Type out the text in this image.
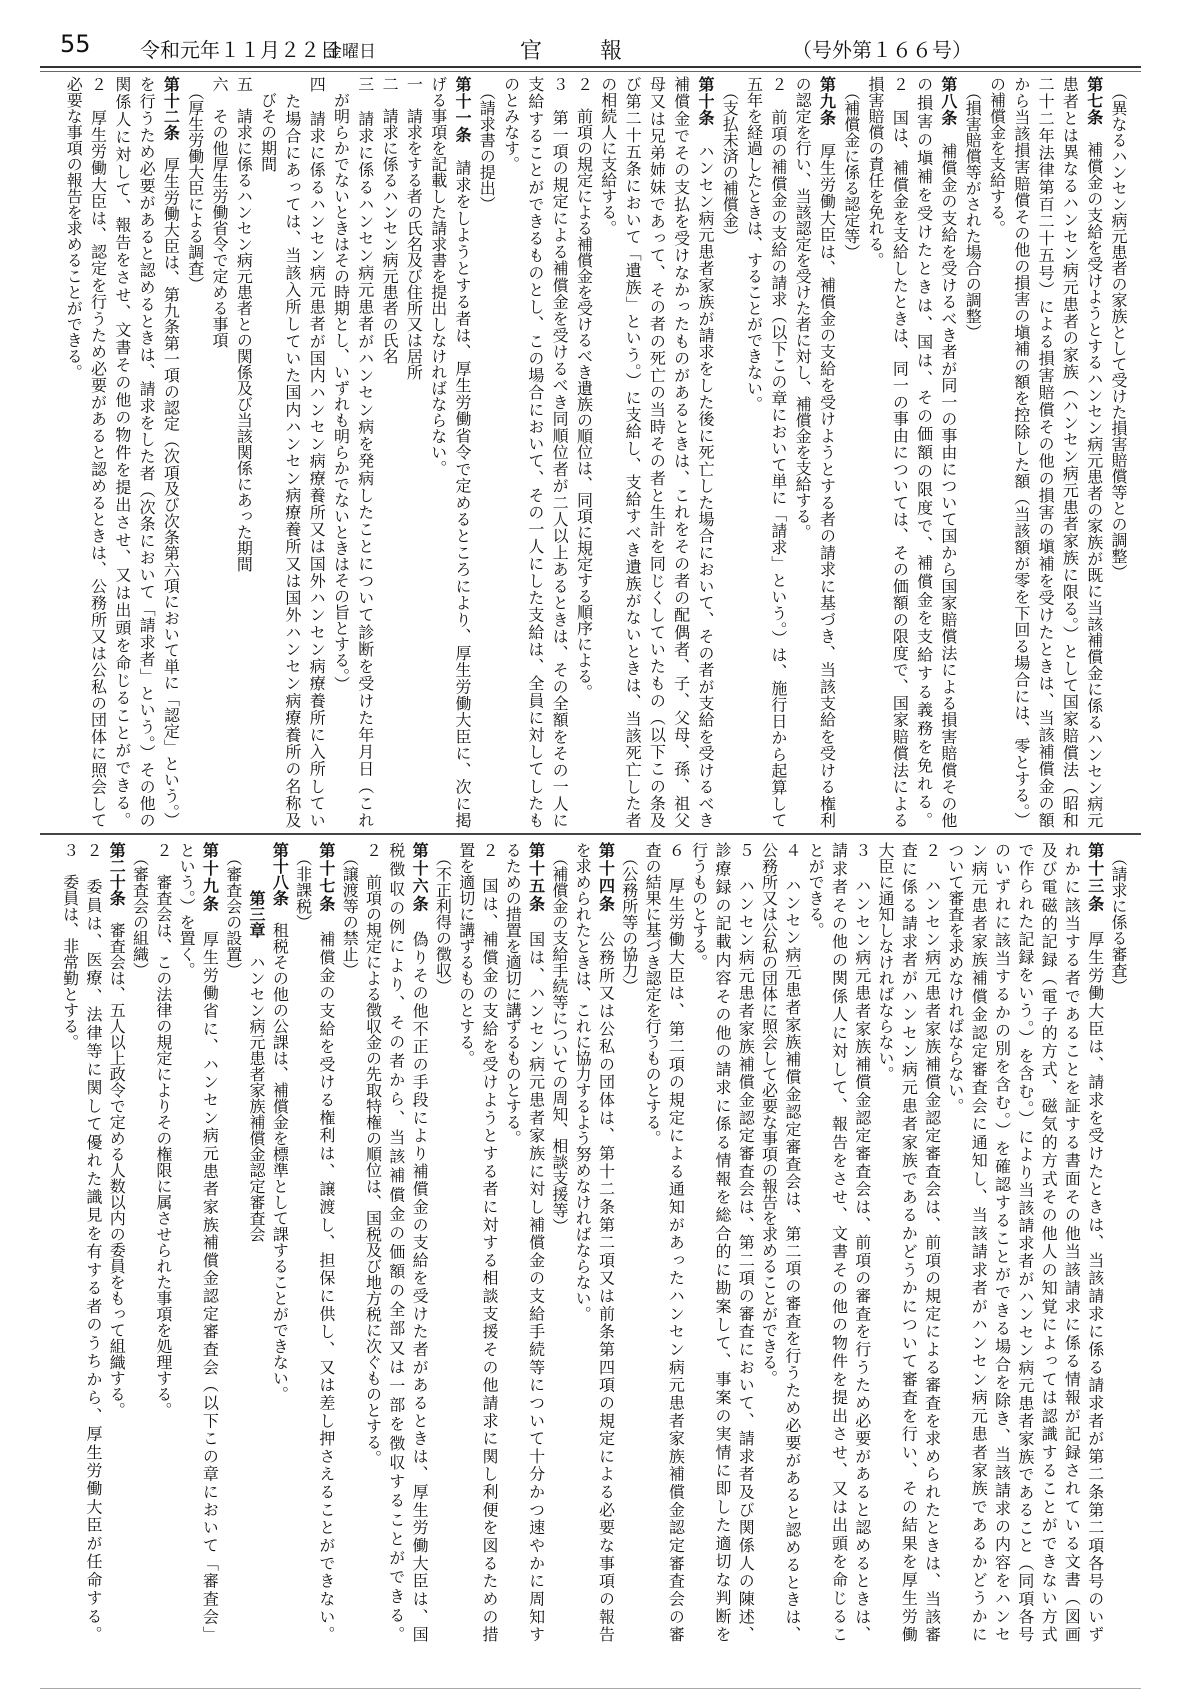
55 令和元年１１月２２日
金曜日	官報	（号外第１６６号）
　（異なるハンセン病元患者の家族として受けた損害賠償等との調整）
第七条　補償金の支給を受けようとするハンセン病元患者の家族が既に当該補償金に係るハンセン病元
患者とは異なるハンセン病元患者の家族（ハンセン病元患者家族に限る。）として国家賠償法（昭和
二十二年法律第百二十五号）による損害賠償その他の損害の塡補を受けたときは、当該補償金の額
から当該損害賠償その他の損害の塡補の額を控除した額（当該額が零を下回る場合には、零とする。）
の補償金を支給する。
　（損害賠償等がされた場合の調整）
第八条　補償金の支給を受けるべき者が同一の事由について国から国家賠償法による損害賠償その他
の損害の塡補を受けたときは、国は、その価額の限度で、補償金を支給する義務を免れる。
２　国は、補償金を支給したときは、同一の事由については、その価額の限度で、国家賠償法による
損害賠償の責任を免れる。
　（補償金に係る認定等）
第九条　厚生労働大臣は、補償金の支給を受けようとする者の請求に基づき、当該支給を受ける権利
の認定を行い、当該認定を受けた者に対し、補償金を支給する。
２　前項の補償金の支給の請求（以下この章において単に「請求」という。）は、施行日から起算して
五年を経過したときは、することができない。
　（支払未済の補償金）
第十条　ハンセン病元患者家族が請求をした後に死亡した場合において、その者が支給を受けるべき
補償金でその支払を受けなかったものがあるときは、これをその者の配偶者、子、父母、孫、祖父
母又は兄弟姉妹であって、その者の死亡の当時その者と生計を同じくしていたもの（以下この条及
び第二十五条において「遺族」という。）に支給し、支給すべき遺族がないときは、当該死亡した者
の相続人に支給する。
２　前項の規定による補償金を受けるべき遺族の順位は、同項に規定する順序による。
３　第一項の規定による補償金を受けるべき同順位者が二人以上あるときは、その全額をその一人に
支給することができるものとし、この場合において、その一人にした支給は、全員に対してしたも
のとみなす。
　（請求書の提出）
第十一条　請求をしようとする者は、厚生労働省令で定めるところにより、厚生労働大臣に、次に掲
げる事項を記載した請求書を提出しなければならない。
一　請求をする者の氏名及び住所又は居所
二　請求に係るハンセン病元患者の氏名
三　請求に係るハンセン病元患者がハンセン病を発病したことについて診断を受けた年月日（これ
　が明らかでないときはその時期とし、いずれも明らかでないときはその旨とする。）
四　請求に係るハンセン病元患者が国内ハンセン病療養所又は国外ハンセン病療養所に入所してい
　た場合にあっては、当該入所していた国内ハンセン病療養所又は国外ハンセン病療養所の名称及
　びその期間
五　請求に係るハンセン病元患者との関係及び当該関係にあった期間
六　その他厚生労働省令で定める事項
　（厚生労働大臣による調査）
第十二条　厚生労働大臣は、第九条第一項の認定（次項及び次条第六項において単に「認定」という。）
を行うため必要があると認めるときは、請求をした者（次条において「請求者」という。）その他の
関係人に対して、報告をさせ、文書その他の物件を提出させ、又は出頭を命じることができる。
２　厚生労働大臣は、認定を行うため必要があると認めるときは、公務所又は公私の団体に照会して
必要な事項の報告を求めることができる。
　（請求に係る審査）
第十三条　厚生労働大臣は、請求を受けたときは、当該請求に係る請求者が第二条第二項各号のいず
れかに該当する者であることを証する書面その他当該請求に係る情報が記録されている文書（図画
及び電磁的記録（電子的方式、磁気的方式その他人の知覚によっては認識することができない方式
で作られた記録をいう。）を含む。）により当該請求者がハンセン病元患者家族であること（同項各号
のいずれに該当するかの別を含む。）を確認することができる場合を除き、当該請求の内容をハンセ
ン病元患者家族補償金認定審査会に通知し、当該請求者がハンセン病元患者家族であるかどうかに
ついて審査を求めなければならない。
２　ハンセン病元患者家族補償金認定審査会は、前項の規定による審査を求められたときは、当該審
査に係る請求者がハンセン病元患者家族であるかどうかについて審査を行い、その結果を厚生労働
大臣に通知しなければならない。
３　ハンセン病元患者家族補償金認定審査会は、前項の審査を行うため必要があると認めるときは、
請求者その他の関係人に対して、報告をさせ、文書その他の物件を提出させ、又は出頭を命じるこ
とができる。
４　ハンセン病元患者家族補償金認定審査会は、第二項の審査を行うため必要があると認めるときは、
公務所又は公私の団体に照会して必要な事項の報告を求めることができる。
５　ハンセン病元患者家族補償金認定審査会は、第二項の審査において、請求者及び関係人の陳述、
診療録の記載内容その他の請求に係る情報を総合的に勘案して、事案の実情に即した適切な判断を
行うものとする。
６　厚生労働大臣は、第二項の規定による通知があったハンセン病元患者家族補償金認定審査会の審
査の結果に基づき認定を行うものとする。
　（公務所等の協力）
第十四条　公務所又は公私の団体は、第十二条第二項又は前条第四項の規定による必要な事項の報告
を求められたときは、これに協力するよう努めなければならない。
　（補償金の支給手続等についての周知、相談支援等）
第十五条　国は、ハンセン病元患者家族に対し補償金の支給手続等について十分かつ速やかに周知す
るための措置を適切に講ずるものとする。
２　国は、補償金の支給を受けようとする者に対する相談支援その他請求に関し利便を図るための措
置を適切に講ずるものとする。
　（不正利得の徴収）
第十六条　偽りその他不正の手段により補償金の支給を受けた者があるときは、厚生労働大臣は、国
税徴収の例により、その者から、当該補償金の価額の全部又は一部を徴収することができる。
２　前項の規定による徴収金の先取特権の順位は、国税及び地方税に次ぐものとする。
　（譲渡等の禁止）
第十七条　補償金の支給を受ける権利は、譲渡し、担保に供し、又は差し押さえることができない。
　（非課税）
第十八条　租税その他の公課は、補償金を標準として課することができない。
　　　第三章　ハンセン病元患者家族補償金認定審査会
　（審査会の設置）
第十九条　厚生労働省に、ハンセン病元患者家族補償金認定審査会（以下この章において「審査会」
という。）を置く。
２　審査会は、この法律の規定によりその権限に属させられた事項を処理する。
　（審査会の組織）
第二十条　審査会は、五人以上政令で定める人数以内の委員をもって組織する。
２　委員は、医療、法律等に関して優れた識見を有する者のうちから、厚生労働大臣が任命する。
３　委員は、非常勤とする。
